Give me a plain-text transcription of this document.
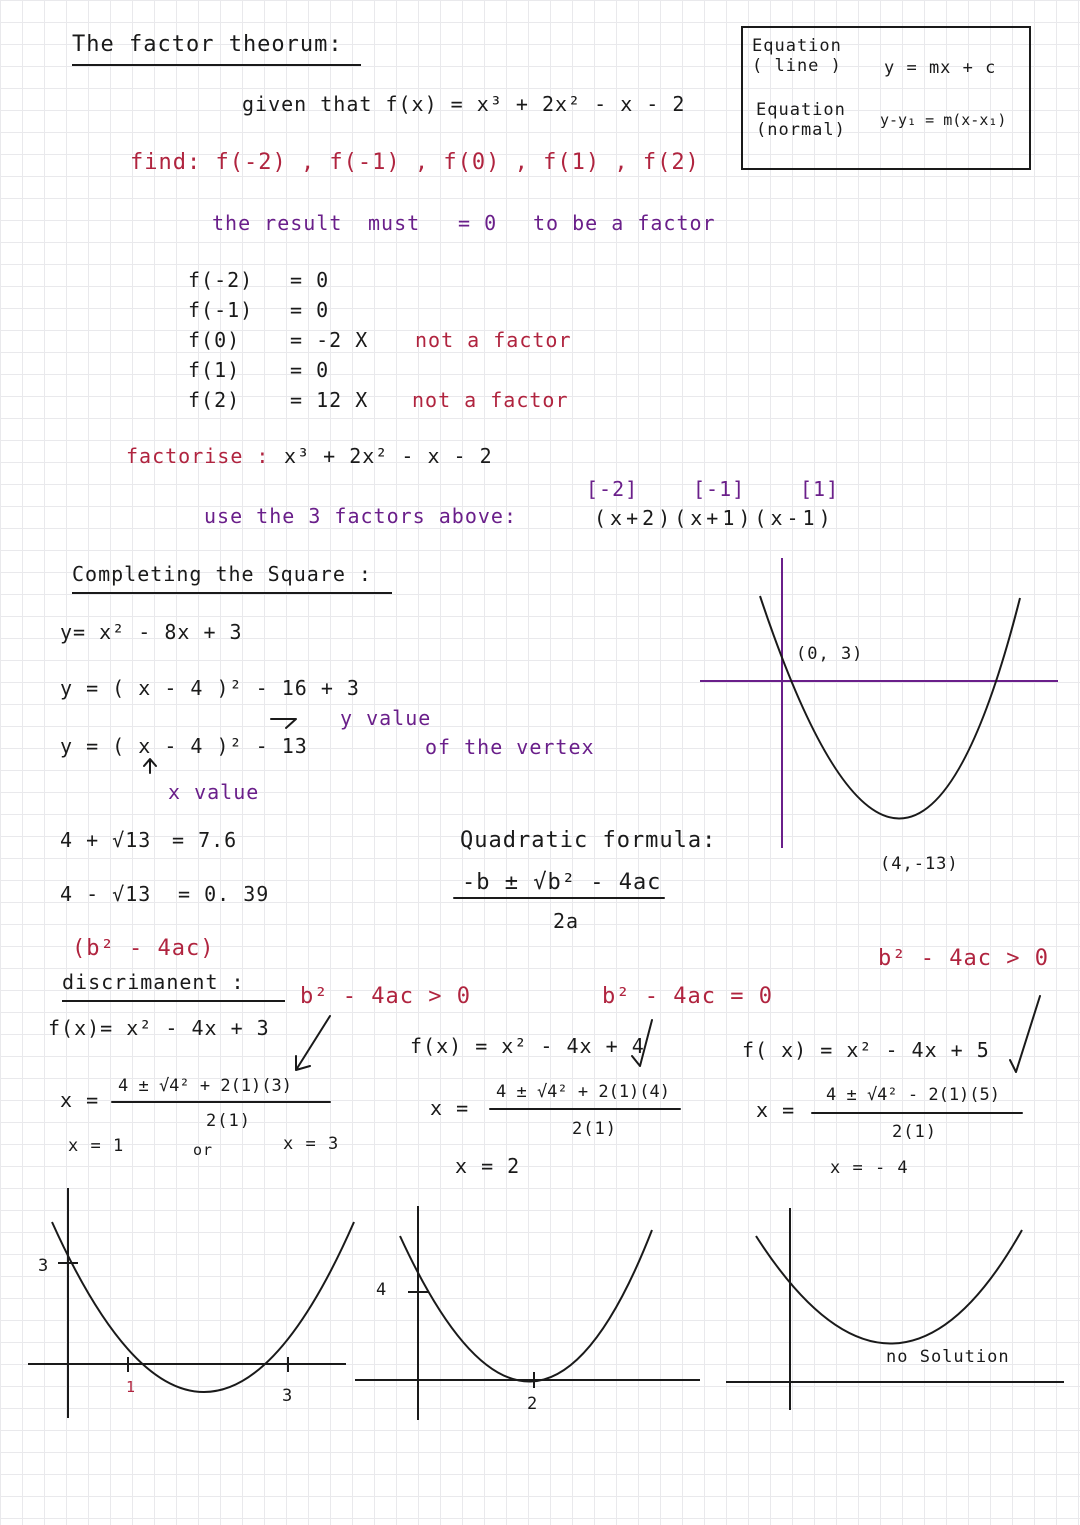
The factor theorum:
given that f(x) = x³ + 2x² - x - 2
find: f(-2) , f(-1) , f(0) , f(1) , f(2)
the result must = 0 to be a factor
f(-2) = 0
f(-1) = 0
f(0) = -2 X not a factor
f(1) = 0
f(2) = 12 X not a factor
factorise : x³ + 2x² - x - 2
use the 3 factors above:
[-2]	[-1]	[1]
(x+2)(x+1)(x-1)
Equation
( line ) y = mx + c
Equation
(normal)
y-y₁ = m(x-x₁)
Completing the Square :
y= x² - 8x + 3
y = ( x - 4 )² - 16 + 3
y value
y = ( x - 4 )² - 13
x value
of the vertex
4 + √13 = 7.6
4 - √13 = 0. 39
(0, 3)
(4,-13)
Quadratic formula:
-b ± √b² - 4ac
2a
(b² - 4ac)
discrimanent :
b² - 4ac > 0
f(x)= x² - 4x + 3
x =
4 ± √4² + 2(1)(3)
2(1)
x = 1	or	x = 3
b² - 4ac = 0
f(x) = x² - 4x + 4
x =
4 ± √4² + 2(1)(4)
2(1)
x = 2
b² - 4ac > 0
f( x) = x² - 4x + 5
x =
4 ± √4² - 2(1)(5)
2(1)
x = - 4
no Solution
3
1	3
4
2
